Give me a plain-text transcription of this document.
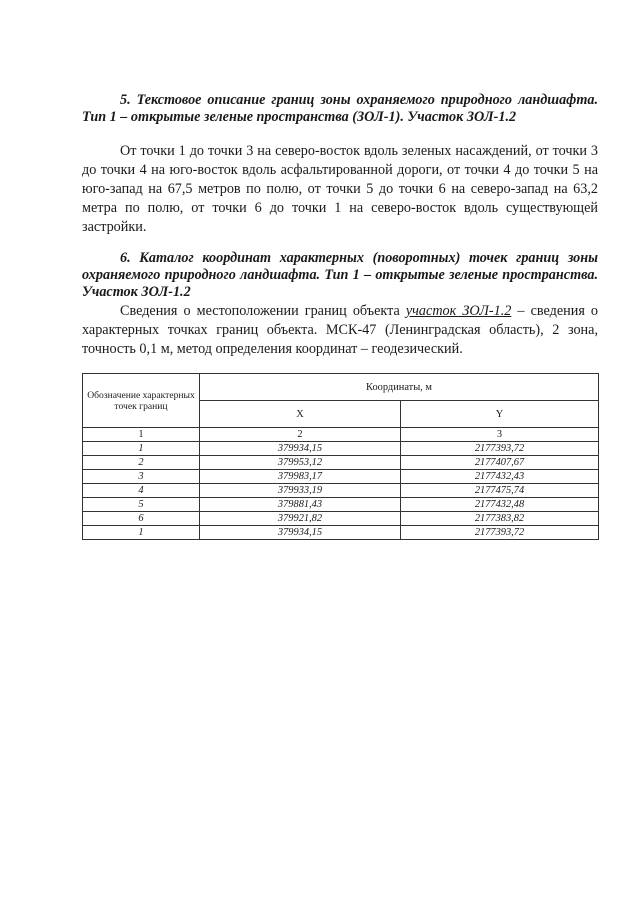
5. Текстовое описание границ зоны охраняемого природного ландшафта. Тип 1 – открытые зеленые пространства (ЗОЛ-1). Участок ЗОЛ-1.2
От точки 1 до точки 3 на северо-восток вдоль зеленых насаждений, от точки 3 до точки 4 на юго-восток вдоль асфальтированной дороги, от точки 4 до точки 5 на юго-запад на 67,5 метров по полю, от точки 5 до точки 6 на северо-запад на 63,2 метра по полю, от точки 6 до точки 1 на северо-восток вдоль существующей застройки.
6. Каталог координат характерных (поворотных) точек границ зоны охраняемого природного ландшафта. Тип 1 – открытые зеленые пространства. Участок ЗОЛ-1.2
Сведения о местоположении границ объекта участок ЗОЛ-1.2 – сведения о характерных точках границ объекта. МСК-47 (Ленинградская область), 2 зона, точность 0,1 м, метод определения координат – геодезический.
Обозначение характерных точек границ	Координаты, м	
	X	Y
1	2	3
1	379934,15	2177393,72
2	379953,12	2177407,67
3	379983,17	2177432,43
4	379933,19	2177475,74
5	379881,43	2177432,48
6	379921,82	2177383,82
1	379934,15	2177393,72
